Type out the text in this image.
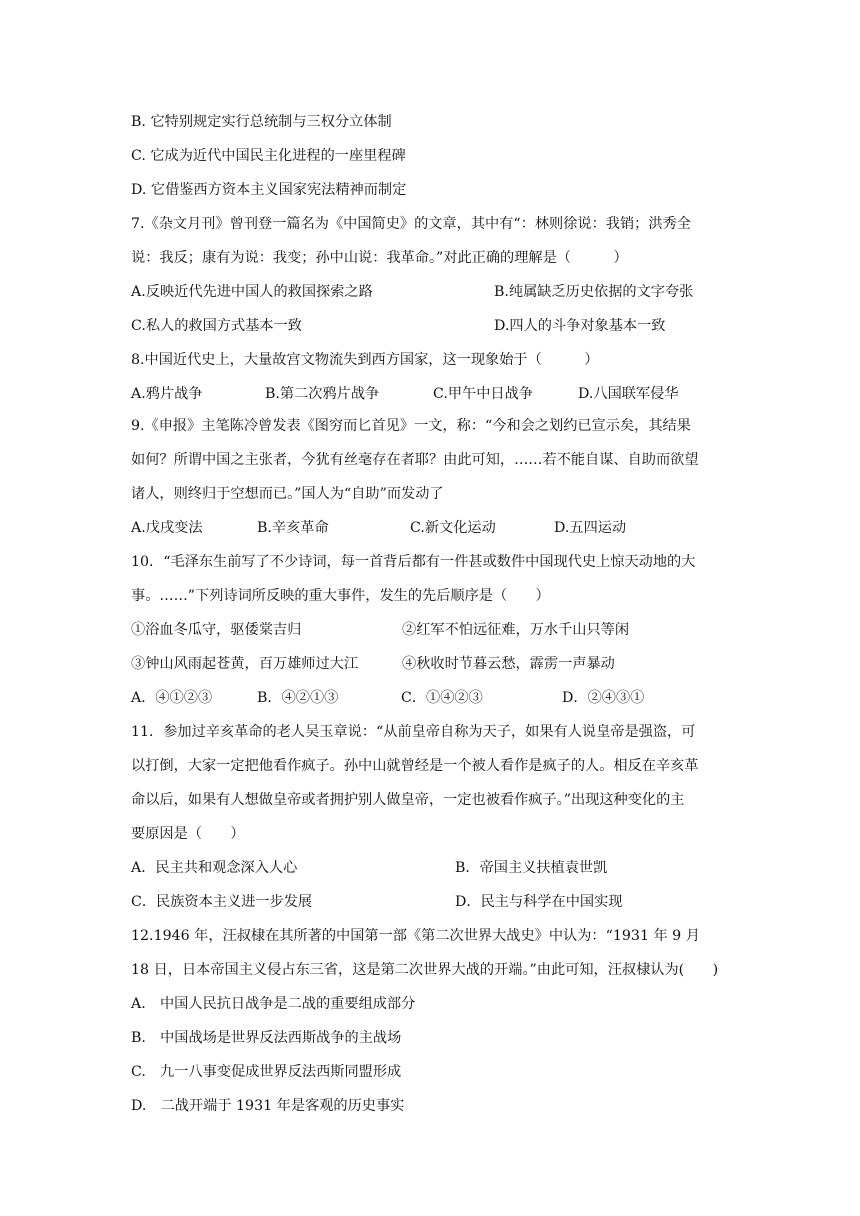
B. 它特别规定实行总统制与三权分立体制
C. 它成为近代中国民主化进程的一座里程碑
D. 它借鉴西方资本主义国家宪法精神而制定
7.《杂文月刊》曾刊登一篇名为《中国简史》的文章，其中有“：林则徐说：我销；洪秀全
说：我反；康有为说：我变；孙中山说：我革命。”对此正确的理解是（　　　）
A.反映近代先进中国人的救国探索之路	B.纯属缺乏历史依据的文字夸张
C.私人的救国方式基本一致	D.四人的斗争对象基本一致
8.中国近代史上，大量故宫文物流失到西方国家，这一现象始于（　　　）
A.鸦片战争	B.第二次鸦片战争	C.甲午中日战争	D.八国联军侵华
9.《申报》主笔陈冷曾发表《图穷而匕首见》一文，称：“今和会之划约已宣示矣，其结果
如何？所谓中国之主张者，今犹有丝毫存在者耶？由此可知，……若不能自谋、自助而欲望
诸人，则终归于空想而已。”国人为“自助”而发动了
A.戊戌变法	B.辛亥革命	C.新文化运动	D.五四运动
10．“毛泽东生前写了不少诗词，每一首背后都有一件甚或数件中国现代史上惊天动地的大
事。……”下列诗词所反映的重大事件，发生的先后顺序是（　　）
①浴血冬瓜守，驱倭棠吉归	②红军不怕远征难，万水千山只等闲
③钟山风雨起苍黄，百万雄师过大江	④秋收时节暮云愁，霹雳一声暴动
A．④①②③	B．④②①③	C．①④②③	D．②④③①
11．参加过辛亥革命的老人吴玉章说：“从前皇帝自称为天子，如果有人说皇帝是强盗，可
以打倒，大家一定把他看作疯子。孙中山就曾经是一个被人看作是疯子的人。相反在辛亥革
命以后，如果有人想做皇帝或者拥护别人做皇帝，一定也被看作疯子。”出现这种变化的主
要原因是（　　）
A．民主共和观念深入人心	B．帝国主义扶植袁世凯
C．民族资本主义进一步发展	D．民主与科学在中国实现
12.1946 年，汪叔棣在其所著的中国第一部《第二次世界大战史》中认为：“1931 年 9 月
18 日，日本帝国主义侵占东三省，这是第二次世界大战的开端。”由此可知，汪叔棣认为(　　)
A.　中国人民抗日战争是二战的重要组成部分
B.　中国战场是世界反法西斯战争的主战场
C.　九一八事变促成世界反法西斯同盟形成
D.　二战开端于 1931 年是客观的历史事实
